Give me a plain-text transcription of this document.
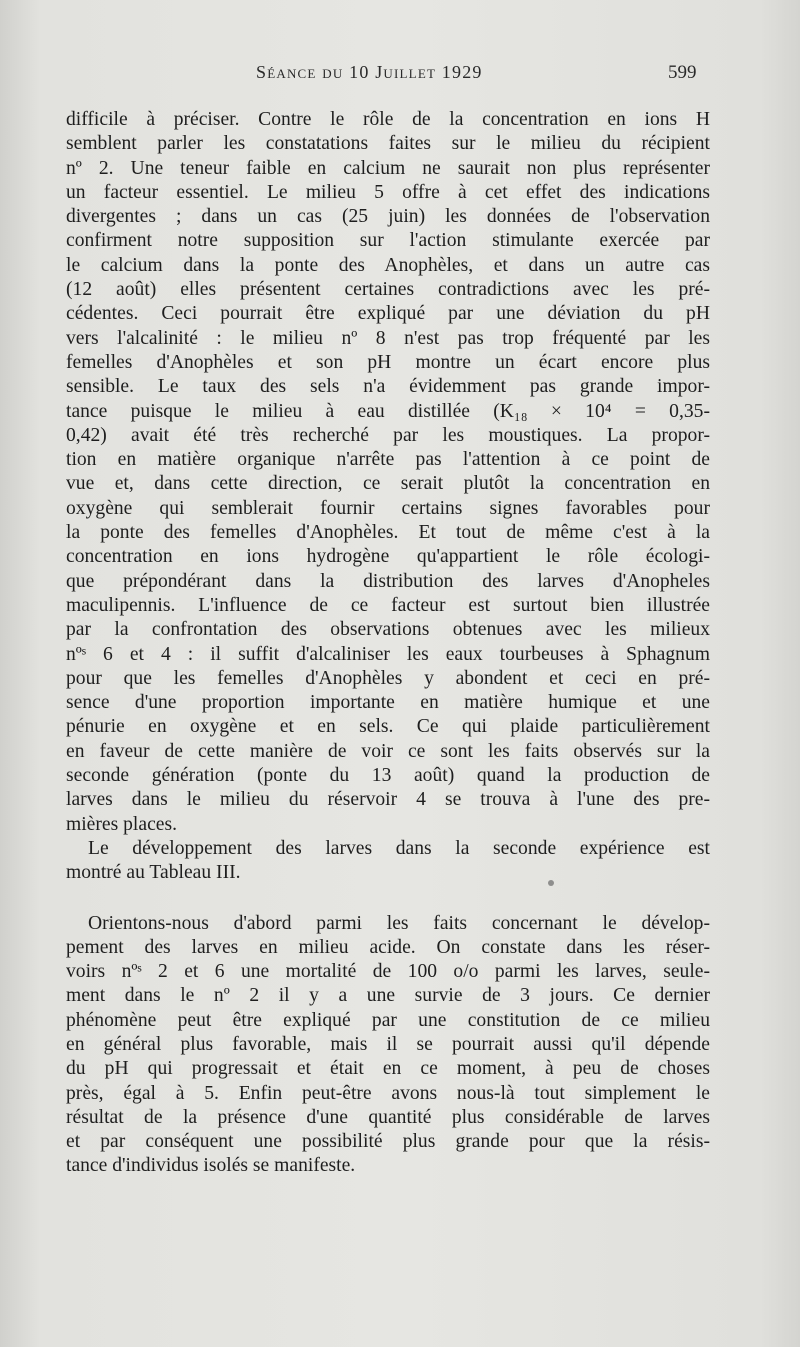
Séance du 10 Juillet 1929	599
difficile à préciser. Contre le rôle de la concentration en ions H
semblent parler les constatations faites sur le milieu du récipient
nº 2. Une teneur faible en calcium ne saurait non plus représenter
un facteur essentiel. Le milieu 5 offre à cet effet des indications
divergentes ; dans un cas (25 juin) les données de l'observation
confirment notre supposition sur l'action stimulante exercée par
le calcium dans la ponte des Anophèles, et dans un autre cas
(12 août) elles présentent certaines contradictions avec les pré-
cédentes. Ceci pourrait être expliqué par une déviation du pH
vers l'alcalinité : le milieu nº 8 n'est pas trop fréquenté par les
femelles d'Anophèles et son pH montre un écart encore plus
sensible. Le taux des sels n'a évidemment pas grande impor-
tance puisque le milieu à eau distillée (K₁₈ × 10⁴ = 0,35-
0,42) avait été très recherché par les moustiques. La propor-
tion en matière organique n'arrête pas l'attention à ce point de
vue et, dans cette direction, ce serait plutôt la concentration en
oxygène qui semblerait fournir certains signes favorables pour
la ponte des femelles d'Anophèles. Et tout de même c'est à la
concentration en ions hydrogène qu'appartient le rôle écologi-
que prépondérant dans la distribution des larves d'Anopheles
maculipennis. L'influence de ce facteur est surtout bien illustrée
par la confrontation des observations obtenues avec les milieux
nºˢ 6 et 4 : il suffit d'alcaliniser les eaux tourbeuses à Sphagnum
pour que les femelles d'Anophèles y abondent et ceci en pré-
sence d'une proportion importante en matière humique et une
pénurie en oxygène et en sels. Ce qui plaide particulièrement
en faveur de cette manière de voir ce sont les faits observés sur la
seconde génération (ponte du 13 août) quand la production de
larves dans le milieu du réservoir 4 se trouva à l'une des pre-
mières places.
Le développement des larves dans la seconde expérience est
montré au Tableau III.
Orientons-nous d'abord parmi les faits concernant le dévelop-
pement des larves en milieu acide. On constate dans les réser-
voirs nºˢ 2 et 6 une mortalité de 100 o/o parmi les larves, seule-
ment dans le nº 2 il y a une survie de 3 jours. Ce dernier
phénomène peut être expliqué par une constitution de ce milieu
en général plus favorable, mais il se pourrait aussi qu'il dépende
du pH qui progressait et était en ce moment, à peu de choses
près, égal à 5. Enfin peut-être avons nous-là tout simplement le
résultat de la présence d'une quantité plus considérable de larves
et par conséquent une possibilité plus grande pour que la résis-
tance d'individus isolés se manifeste.
